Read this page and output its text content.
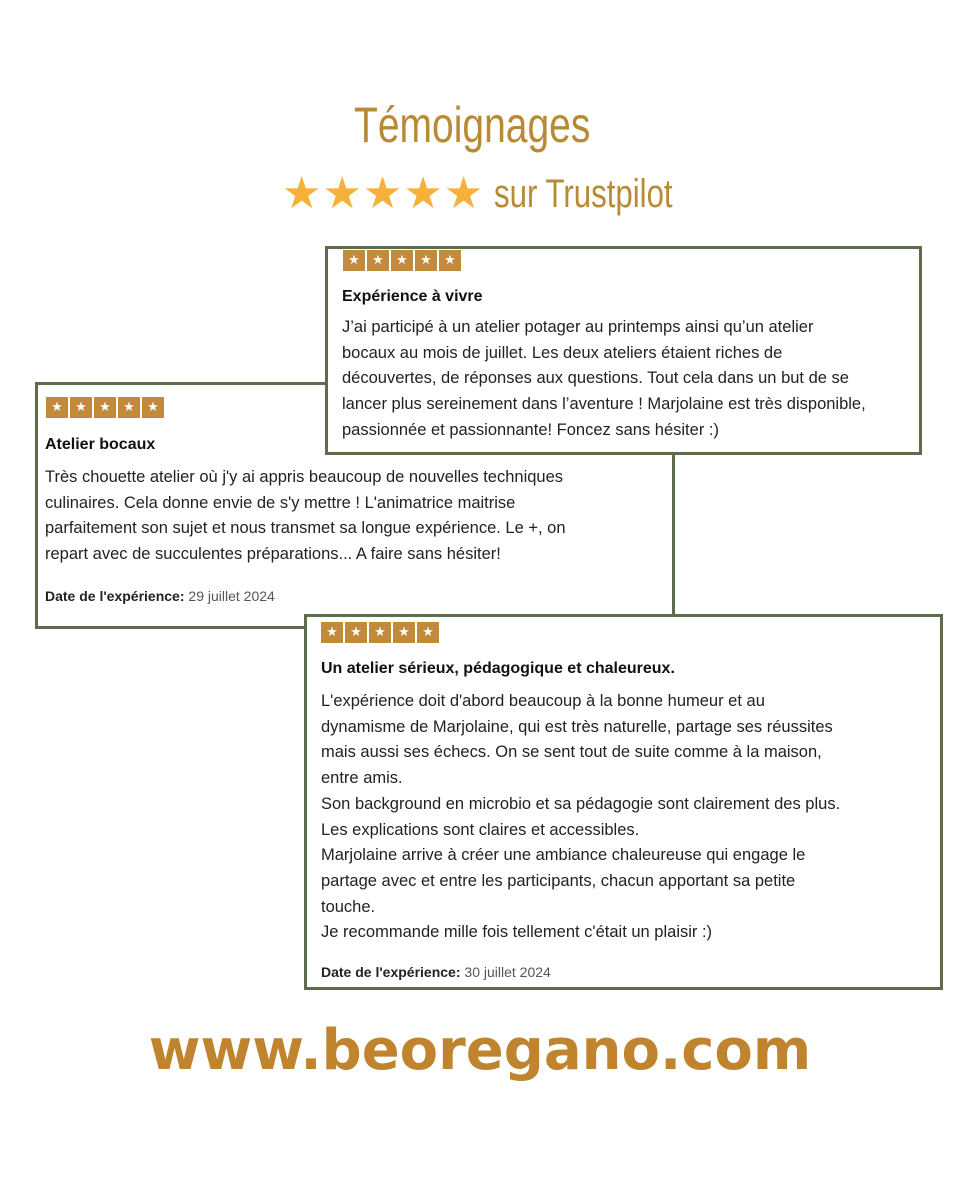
Témoignages
★ ★ ★ ★ ★ sur Trustpilot
★ ★ ★ ★ ★
Atelier bocaux

Très chouette atelier où j'y ai appris beaucoup de nouvelles techniques

culinaires. Cela donne envie de s'y mettre ! L'animatrice maitrise

parfaitement son sujet et nous transmet sa longue expérience. Le +, on

repart avec de succulentes préparations... A faire sans hésiter!

Date de l'expérience: 29 juillet 2024
★ ★ ★ ★ ★
Expérience à vivre

J’ai participé à un atelier potager au printemps ainsi qu’un atelier

bocaux au mois de juillet. Les deux ateliers étaient riches de

découvertes, de réponses aux questions. Tout cela dans un but de se

lancer plus sereinement dans l’aventure ! Marjolaine est très disponible,

passionnée et passionnante! Foncez sans hésiter :)

★ ★ ★ ★ ★
Un atelier sérieux, pédagogique et chaleureux.

L'expérience doit d'abord beaucoup à la bonne humeur et au

dynamisme de Marjolaine, qui est très naturelle, partage ses réussites

mais aussi ses échecs. On se sent tout de suite comme à la maison,

entre amis.

Son background en microbio et sa pédagogie sont clairement des plus.

Les explications sont claires et accessibles.

Marjolaine arrive à créer une ambiance chaleureuse qui engage le

partage avec et entre les participants, chacun apportant sa petite

touche.

Je recommande mille fois tellement c'était un plaisir :)

Date de l'expérience: 30 juillet 2024
www.beoregano.com
